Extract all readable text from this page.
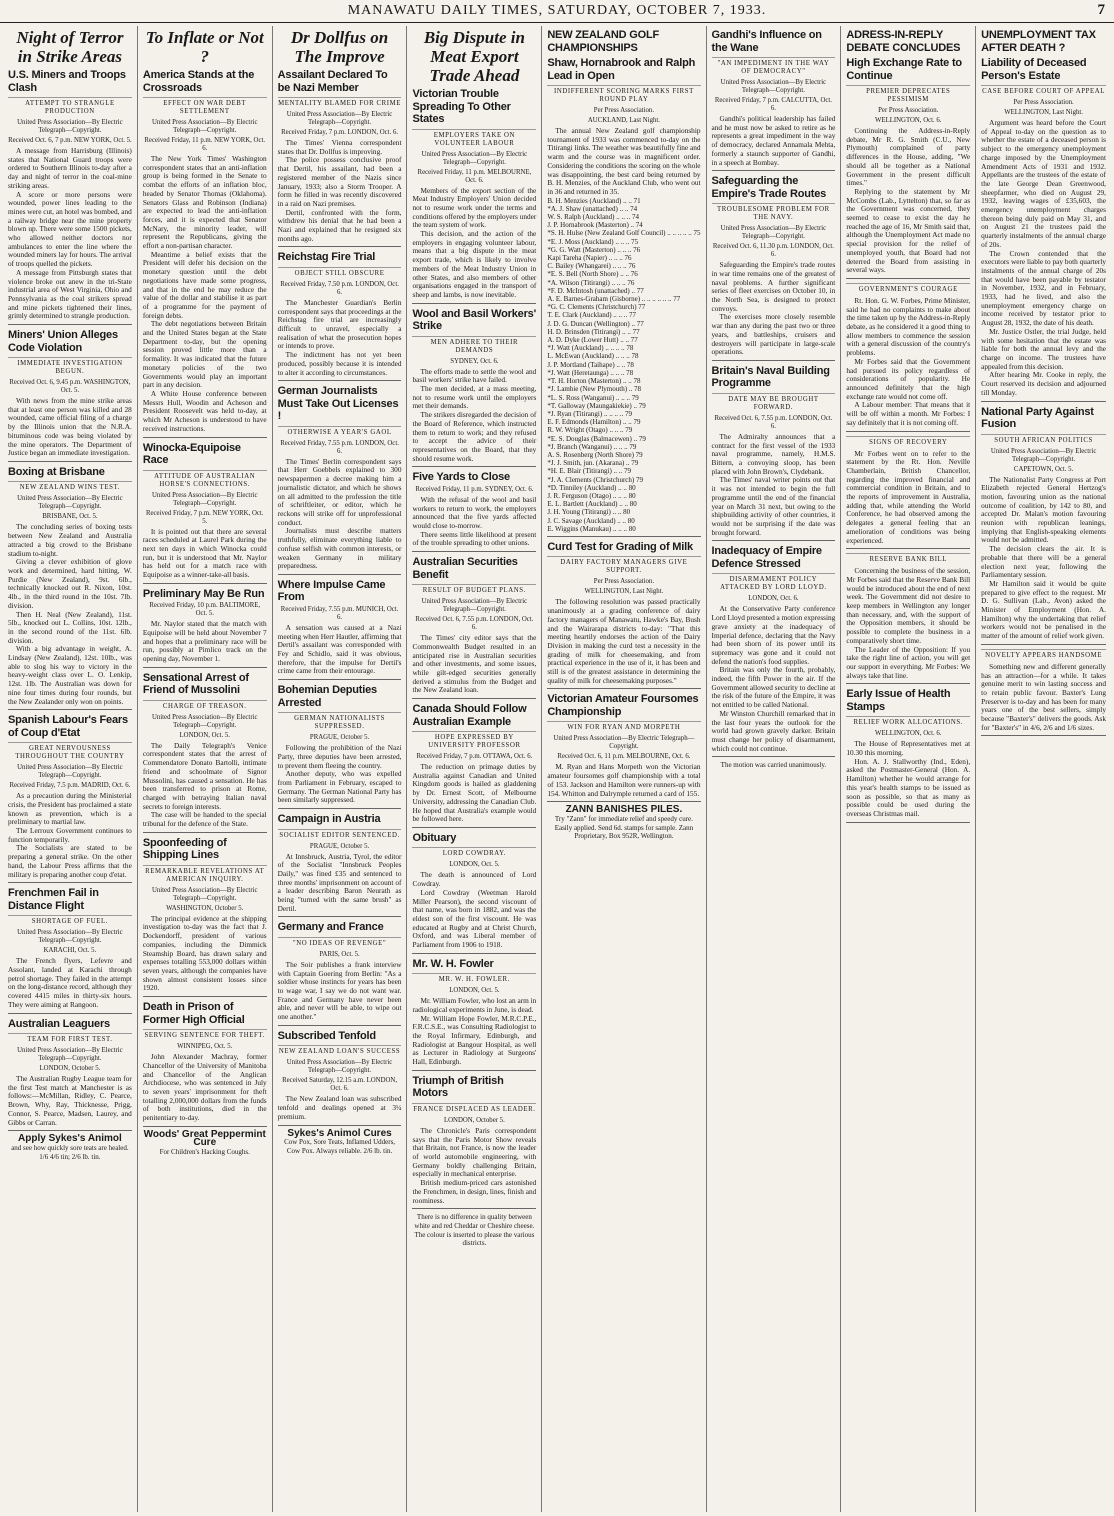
MANAWATU DAILY TIMES, SATURDAY, OCTOBER 7, 1933.	7
Night of Terror in Strike Areas
U.S. Miners and Troops Clash
ATTEMPT TO STRANGLE PRODUCTION
United Press Association—By Electric Telegraph—Copyright.
Received Oct. 6, 7 p.m. NEW YORK, Oct. 5.

A message from Harrisburg (Illinois) states that National Guard troops were ordered to Southern Illinois to-day after a day and night of terror in the coal-mine striking areas.

A score or more persons were wounded, power lines leading to the mines were cut, an hotel was bombed, and a railway bridge near the mine property blown up. There were some 1500 pickets, who allowed neither doctors nor ambulances to enter the line where the wounded miners lay for hours. The arrival of troops quelled the pickets.

A message from Pittsburgh states that violence broke out anew in the tri-State industrial area of West Virginia, Ohio and Pennsylvania as the coal strikers spread and mine pickets tightened their lines, grimly determined to strangle production.

Miners' Union Alleges Code Violation
IMMEDIATE INVESTIGATION BEGUN.
Received Oct. 6, 9.45 p.m. WASHINGTON, Oct. 5.

With news from the mine strike areas that at least one person was killed and 28 wounded, came official filing of a charge by the Illinois union that the N.R.A. bituminous code was being violated by the mine operators. The Department of Justice began an immediate investigation.

Boxing at Brisbane
NEW ZEALAND WINS TEST.
United Press Association—By Electric Telegraph—Copyright.
BRISBANE, Oct. 5.

The concluding series of boxing tests between New Zealand and Australia attracted a big crowd to the Brisbane stadium to-night.

Giving a clever exhibition of glove work and determined, hard hitting, W. Purdie (New Zealand), 9st. 6lb., technically knocked out R. Nixon, 10st. 4lb., in the third round in the 10st. 7lb. division.

Then H. Neal (New Zealand), 11st. 5lb., knocked out L. Collins, 10st. 12lb., in the second round of the 11st. 6lb. division.

With a big advantage in weight, A. Lindsay (New Zealand), 12st. 10lb., was able to slog his way to victory in the heavy-weight class over L. O. Lenkip, 12st. 1lb. The Australian was down for nine four times during four rounds, but the New Zealander only won on points.

Spanish Labour's Fears of Coup d'Etat
GREAT NERVOUSNESS THROUGHOUT THE COUNTRY
United Press Association—By Electric Telegraph—Copyright.
Received Friday, 7.5 p.m. MADRID, Oct. 6.

As a precaution during the Ministerial crisis, the President has proclaimed a state known as prevention, which is a preliminary to martial law.

The Lerroux Government continues to function temporarily.

The Socialists are stated to be preparing a general strike. On the other hand, the Labour Press affirms that the military is preparing another coup d'etat.

Frenchmen Fail in Distance Flight
SHORTAGE OF FUEL.
United Press Association—By Electric Telegraph—Copyright.
KARACHI, Oct. 5.

The French flyers, Lefevre and Assolant, landed at Karachi through petrol shortage. They failed in the attempt on the long-distance record, although they covered 4415 miles in thirty-six hours. They were aiming at Rangoon.

Australian Leaguers
TEAM FOR FIRST TEST.
United Press Association—By Electric Telegraph—Copyright.
LONDON, October 5.

The Australian Rugby League team for the first Test match at Manchester is as follows:—McMillan, Ridley, C. Pearce, Brown, Why, Ray, Thicknesse, Prigg, Connor, S. Pearce, Madsen, Laurey, and Gibbs or Carran.

Apply Sykes's Animol
and see how quickly sore teats are healed. 1/6 4/6 tin; 2/6 lb. tin.
To Inflate or Not ?
America Stands at the Crossroads
EFFECT ON WAR DEBT SETTLEMENT
United Press Association—By Electric Telegraph—Copyright.
Received Friday, 11 p.m. NEW YORK, Oct. 6.

The New York Times' Washington correspondent states that an anti-inflation group is being formed in the Senate to combat the efforts of an inflation bloc, headed by Senator Thomas (Oklahoma). Senators Glass and Robinson (Indiana) are expected to lead the anti-inflation forces, and it is expected that Senator McNary, the minority leader, will represent the Republicans, giving the effort a non-partisan character.

Meantime a belief exists that the President will defer his decision on the monetary question until the debt negotiations have made some progress, and that in the end he may reduce the value of the dollar and stabilise it as part of a programme for the payment of foreign debts.

The debt negotiations between Britain and the United States began at the State Department to-day, but the opening session proved little more than a formality. It was indicated that the future monetary policies of the two Governments would play an important part in any decision.

A White House conference between Messrs Hull, Woodin and Acheson and President Roosevelt was held to-day, at which Mr Acheson is understood to have received instructions.

Winocka-Equipoise Race
ATTITUDE OF AUSTRALIAN HORSE'S CONNECTIONS.
United Press Association—By Electric Telegraph—Copyright.
Received Friday, 7 p.m. NEW YORK, Oct. 5.

It is pointed out that there are several races scheduled at Laurel Park during the next ten days in which Winocka could run, but it is understood that Mr. Naylor has held out for a match race with Equipoise as a winner-take-all basis.

Preliminary May Be Run
Received Friday, 10 p.m. BALTIMORE, Oct. 5.

Mr. Naylor stated that the match with Equipoise will be held about November 7 and hopes that a preliminary race will be run, possibly at Pimlico track on the opening day, November 1.

Sensational Arrest of Friend of Mussolini
CHARGE OF TREASON.
United Press Association—By Electric Telegraph—Copyright.
LONDON, Oct. 5.

The Daily Telegraph's Venice correspondent states that the arrest of Commendatore Donato Bartolli, intimate friend and schoolmate of Signor Mussolini, has caused a sensation. He has been transferred to prison at Rome, charged with betraying Italian naval secrets to foreign interests.

The case will be handed to the special tribunal for the defence of the State.

Spoonfeeding of Shipping Lines
REMARKABLE REVELATIONS AT AMERICAN INQUIRY.
United Press Association—By Electric Telegraph—Copyright.
WASHINGTON, October 5.

The principal evidence at the shipping investigation to-day was the fact that J. Dockendorff, president of various companies, including the Dimmick Steamship Board, has drawn salary and expenses totalling 553,000 dollars within seven years, although the companies have shown almost consistent losses since 1920.

Death in Prison of Former High Official
SERVING SENTENCE FOR THEFT.
WINNIPEG, Oct. 5.

John Alexander Machray, former Chancellor of the University of Manitoba and Chancellor of the Anglican Archdiocese, who was sentenced in July to seven years' imprisonment for theft totalling 2,000,000 dollars from the funds of both institutions, died in the penitentiary to-day.

Woods' Great Peppermint Cure
For Children's Hacking Coughs.
Dr Dollfus on The Improve
Assailant Declared To be Nazi Member
MENTALITY BLAMED FOR CRIME
United Press Association—By Electric Telegraph—Copyright.
Received Friday, 7 p.m. LONDON, Oct. 6.

The Times' Vienna correspondent states that Dr. Dollfus is improving.

The police possess conclusive proof that Dertil, his assailant, had been a registered member of the Nazis since January, 1933; also a Storm Trooper. A form he filled in was recently discovered in a raid on Nazi premises.

Dertil, confronted with the form, withdrew his denial that he had been a Nazi and explained that he resigned six months ago.

Reichstag Fire Trial
OBJECT STILL OBSCURE
Received Friday, 7.50 p.m. LONDON, Oct. 6.

The Manchester Guardian's Berlin correspondent says that proceedings at the Reichstag fire trial are increasingly difficult to unravel, especially a realisation of what the prosecution hopes or intends to prove.

The indictment has not yet been produced, possibly because it is intended to alter it according to circumstances.

German Journalists Must Take Out Licenses !
OTHERWISE A YEAR'S GAOL
Received Friday, 7.55 p.m. LONDON, Oct. 6.

The Times' Berlin correspondent says that Herr Goebbels explained to 300 newspapermen a decree making him a journalistic dictator, and which he shows on all admitted to the profession the title of schriftleiter, or editor, which he reckons will strike off for unprofessional conduct.

Journalists must describe matters truthfully, eliminate everything liable to confuse selfish with common interests, or weaken Germany in military preparedness.

Where Impulse Came From
Received Friday, 7.55 p.m. MUNICH, Oct. 6.

A sensation was caused at a Nazi meeting when Herr Hautler, affirming that Dertil's assailant was corresponded with Fey and Schidlo, said it was obvious, therefore, that the impulse for Dertil's crime came from their entourage.

Bohemian Deputies Arrested
GERMAN NATIONALISTS SUPPRESSED.
PRAGUE, October 5.

Following the prohibition of the Nazi Party, three deputies have been arrested, to prevent them fleeing the country.

Another deputy, who was expelled from Parliament in February, escaped to Germany. The German National Party has been similarly suppressed.

Campaign in Austria
SOCIALIST EDITOR SENTENCED.
PRAGUE, October 5.

At Innsbruck, Austria, Tyrol, the editor of the Socialist "Innsbruck Peoples Daily," was fined £35 and sentenced to three months' imprisonment on account of a leader describing Baron Neurath as being "turned with the same brush" as Dertil.

Germany and France
"NO IDEAS OF REVENGE"
PARIS, Oct. 5.

The Soir publishes a frank interview with Captain Goering from Berlin: "As a soldier whose instincts for years has been to wage war, I say we do not want war. France and Germany have never been able, and never will be able, to wipe out one another."

Subscribed Tenfold
NEW ZEALAND LOAN'S SUCCESS
United Press Association—By Electric Telegraph—Copyright.
Received Saturday, 12.15 a.m. LONDON, Oct. 6.

The New Zealand loan was subscribed tenfold and dealings opened at 3¼ premium.

Sykes's Animol Cures
Cow Pox, Sore Teats, Inflamed Udders, Cow Pox. Always reliable. 2/6 lb. tin.
Big Dispute in Meat Export Trade Ahead
Victorian Trouble Spreading To Other States
EMPLOYERS TAKE ON VOLUNTEER LABOUR
United Press Association—By Electric Telegraph—Copyright.
Received Friday, 11 p.m. MELBOURNE, Oct. 6.

Members of the export section of the Meat Industry Employers' Union decided not to resume work under the terms and conditions offered by the employers under the team system of work.

This decision, and the action of the employers in engaging volunteer labour, means that a big dispute in the meat export trade, which is likely to involve members of the Meat Industry Union in other States, and also members of other organisations engaged in the transport of sheep and lambs, is now inevitable.

Wool and Basil Workers' Strike
MEN ADHERE TO THEIR DEMANDS
SYDNEY, Oct. 6.

The efforts made to settle the wool and basil workers' strike have failed.

The men decided, at a mass meeting, not to resume work until the employers met their demands.

The strikers disregarded the decision of the Board of Reference, which instructed them to return to work; and they refused to accept the advice of their representatives on the Board, that they should resume work.

Five Yards to Close
Received Friday, 11 p.m. SYDNEY, Oct. 6.

With the refusal of the wool and basil workers to return to work, the employers announced that the five yards affected would close to-morrow.

There seems little likelihood at present of the trouble spreading to other unions.

Australian Securities Benefit
RESULT OF BUDGET PLANS.
United Press Association—By Electric Telegraph—Copyright.
Received Oct. 6, 7.55 p.m. LONDON, Oct. 6.

The Times' city editor says that the Commonwealth Budget resulted in an anticipated rise in Australian securities and other investments, and some issues, while gilt-edged securities generally derived a stimulus from the Budget and the New Zealand loan.

Canada Should Follow Australian Example
HOPE EXPRESSED BY UNIVERSITY PROFESSOR
Received Friday, 7 p.m. OTTAWA, Oct. 6.

The reduction on primage duties by Australia against Canadian and United Kingdom goods is hailed as gladdening by Dr. Ernest Scott, of Melbourne University, addressing the Canadian Club. He hoped that Australia's example would be followed here.

Obituary
LORD COWDRAY.
LONDON, Oct. 5.

The death is announced of Lord Cowdray.

Lord Cowdray (Weetman Harold Miller Pearson), the second viscount of that name, was born in 1882, and was the eldest son of the first viscount. He was educated at Rugby and at Christ Church, Oxford, and was Liberal member of Parliament from 1906 to 1918.

Mr. W. H. Fowler
MR. W. H. FOWLER.
LONDON, Oct. 5.

Mr. William Fowler, who lost an arm in radiological experiments in June, is dead.

Mr. William Hope Fowler, M.R.C.P.E., F.R.C.S.E., was Consulting Radiologist to the Royal Infirmary, Edinburgh, and Radiologist at Bangour Hospital, as well as Lecturer in Radiology at Surgeons' Hall, Edinburgh.

Triumph of British Motors
FRANCE DISPLACED AS LEADER.
LONDON, October 5.

The Chronicle's Paris correspondent says that the Paris Motor Show reveals that Britain, not France, is now the leader of world automobile engineering, with Germany boldly challenging Britain, especially in mechanical enterprise.

British medium-priced cars astonished the Frenchmen, in design, lines, finish and roominess.

There is no difference in quality between white and red Cheddar or Cheshire cheese. The colour is inserted to please the various districts.
NEW ZEALAND GOLF CHAMPIONSHIPS
Shaw, Hornabrook and Ralph Lead in Open
INDIFFERENT SCORING MARKS FIRST ROUND PLAY
Per Press Association.
AUCKLAND, Last Night.

The annual New Zealand golf championship tournament of 1933 was commenced to-day on the Titirangi links. The weather was beautifully fine and warm and the course was in magnificent order. Considering the conditions the scoring on the whole was disappointing, the best card being returned by B. H. Menzies, of the Auckland Club, who went out in 36 and returned in 35.

B. H. Menzies (Auckland) .. .. 71
*A. J. Shaw (unattached) .. .. 74
W. S. Ralph (Auckland) .. .. .. 74
J. P. Hornabrook (Masterton) .. 74
*S. H. Hulse (New Zealand Golf Council) .. .. .. .. .. 75
*E. J. Moss (Auckland) .. .. .. 75
*G. G. Watt (Masterton) .. .. .. 76
Kapi Tareha (Napier) .. .. .. 76
C. Bailey (Whangarei) .. .. .. 76
*E. S. Bell (North Shore) .. .. 76
*A. Wilson (Titirangi) .. .. .. 76
*F. D. McIntosh (unattached) .. 77
A. E. Barnes-Graham (Gisborne) .. .. .. .. .. .. 77
*G. C. Clements (Christchurch) 77
T. E. Clark (Auckland) .. .. .. 77
J. D. G. Duncan (Wellington) .. 77
H. D. Brinsden (Titirangi) .. .. 77
A. D. Dyke (Lower Hutt) .. .. 77
*J. Watt (Auckland) .. .. .. .. 78
L. McEwan (Auckland) .. .. .. 78
J. P. Mortland (Taihape) .. .. 78
*J. Watt (Heretaunga) .. .. .. 78
*T. H. Horton (Masterton) .. .. 78
*J. Lambie (New Plymouth) .. 78
*L. S. Ross (Wanganui) .. .. .. 79
*T. Galloway (Maungakiekie) .. 79
*J. Ryan (Titirangi) .. .. .. .. 79
E. F. Edmonds (Hamilton) .. .. 79
R. W. Wright (Otago) .. .. .. 79
*E. S. Douglas (Balmacewen) .. 79
*J. Branch (Wanganui) .. .. .. 79
A. S. Rosenberg (North Shore) 79
*J. J. Smith, jun. (Akarana) .. 79
*H. E. Blair (Titirangi) .. .. 79
*J. A. Clements (Christchurch) 79
*D. Tinniley (Auckland) .. .. 80
J. R. Ferguson (Otago) .. .. .. 80
E. L. Bartlett (Auckland) .. .. 80
J. H. Young (Titirangi) .. .. 80
J. C. Savage (Auckland) .. .. 80
E. Wiggins (Manukau) .. .. .. 80
Curd Test for Grading of Milk
DAIRY FACTORY MANAGERS GIVE SUPPORT.
Per Press Association.
WELLINGTON, Last Night.

The following resolution was passed practically unanimously at a grading conference of dairy factory managers of Manawatu, Hawke's Bay, Bush and the Wairarapa districts to-day: "That this meeting heartily endorses the action of the Dairy Division in making the curd test a necessity in the grading of milk for cheesemaking, and from practical experience in the use of it, it has been and still is of the greatest assistance in determining the quality of milk for cheesemaking purposes."

Victorian Amateur Foursomes Championship
WIN FOR RYAN AND MORPETH
United Press Association—By Electric Telegraph—Copyright.
Received Oct. 6, 11 p.m. MELBOURNE, Oct. 6.

M. Ryan and Hans Morpeth won the Victorian amateur foursomes golf championship with a total of 153. Jackson and Hamilton were runners-up with 154. Whitton and Dalrymple returned a card of 155.

ZANN BANISHES PILES.
Try "Zann" for immediate relief and speedy cure. Easily applied. Send 6d. stamps for sample. Zann Proprietary, Box 952R, Wellington.
Gandhi's Influence on the Wane
"AN IMPEDIMENT IN THE WAY OF DEMOCRACY"
United Press Association—By Electric Telegraph—Copyright.
Received Friday, 7 p.m. CALCUTTA, Oct. 6.

Gandhi's political leadership has failed and he must now be asked to retire as he represents a great impediment in the way of democracy, declared Annamala Mehta, formerly a staunch supporter of Gandhi, in a speech at Bombay.

Safeguarding the Empire's Trade Routes
TROUBLESOME PROBLEM FOR THE NAVY.
United Press Association—By Electric Telegraph—Copyright.
Received Oct. 6, 11.30 p.m. LONDON, Oct. 6.

Safeguarding the Empire's trade routes in war time remains one of the greatest of naval problems. A further significant series of fleet exercises on October 10, in the North Sea, is designed to protect convoys.

The exercises more closely resemble war than any during the past two or three years, and battleships, cruisers and destroyers will participate in large-scale operations.

Britain's Naval Building Programme
DATE MAY BE BROUGHT FORWARD.
Received Oct. 6, 7.55 p.m. LONDON, Oct. 6.

The Admiralty announces that a contract for the first vessel of the 1933 naval programme, namely, H.M.S. Bittern, a convoying sloop, has been placed with John Brown's, Clydebank.

The Times' naval writer points out that it was not intended to begin the full programme until the end of the financial year on March 31 next, but owing to the shipbuilding activity of other countries, it would not be surprising if the date was brought forward.

Inadequacy of Empire Defence Stressed
DISARMAMENT POLICY ATTACKED BY LORD LLOYD.
LONDON, Oct. 6.

At the Conservative Party conference Lord Lloyd presented a motion expressing grave anxiety at the inadequacy of Imperial defence, declaring that the Navy had been shorn of its power until its supremacy was gone and it could not defend the nation's food supplies.

Britain was only the fourth, probably, indeed, the fifth Power in the air. If the Government allowed security to decline at the risk of the future of the Empire, it was not entitled to be called National.

Mr Winston Churchill remarked that in the last four years the outlook for the world had grown gravely darker. Britain must change her policy of disarmament, which could not continue.

The motion was carried unanimously.
ADRESS-IN-REPLY DEBATE CONCLUDES
High Exchange Rate to Continue
PREMIER DEPRECATES PESSIMISM
Per Press Association.
WELLINGTON, Oct. 6.

Continuing the Address-in-Reply debate, Mr R. G. Smith (C.U., New Plymouth) complained of party differences in the House, adding, "We should all be together as a National Government in the present difficult times."

Replying to the statement by Mr McCombs (Lab., Lyttelton) that, so far as the Government was concerned, they seemed to cease to exist the day he reached the age of 16, Mr Smith said that, although the Unemployment Act made no special provision for the relief of unemployed youth, that Board had not deterred the Board from assisting in several ways.

GOVERNMENT'S COURAGE

Rt. Hon. G. W. Forbes, Prime Minister, said he had no complaints to make about the time taken up by the Address-in-Reply debate, as he considered it a good thing to allow members to commence the session with a general discussion of the country's problems.

Mr Forbes said that the Government had pursued its policy regardless of considerations of popularity. He announced definitely that the high exchange rate would not come off.

A Labour member: That means that it will be off within a month. Mr Forbes: I say definitely that it is not coming off.

SIGNS OF RECOVERY

Mr Forbes went on to refer to the statement by the Rt. Hon. Neville Chamberlain, British Chancellor, regarding the improved financial and commercial condition in Britain, and to the reports of improvement in Australia, adding that, while attending the World Conference, he had observed among the delegates a general feeling that an amelioration of conditions was being experienced.

RESERVE BANK BILL

Concerning the business of the session, Mr Forbes said that the Reserve Bank Bill would be introduced about the end of next week. The Government did not desire to keep members in Wellington any longer than necessary, and, with the support of the Opposition members, it should be possible to complete the business in a comparatively short time.

The Leader of the Opposition: If you take the right line of action, you will get our support in everything. Mr Forbes: We always take that line.

Early Issue of Health Stamps
RELIEF WORK ALLOCATIONS.
WELLINGTON, Oct. 6.

The House of Representatives met at 10.30 this morning.

Hon. A. J. Stallworthy (Ind., Eden), asked the Postmaster-General (Hon. A. Hamilton) whether he would arrange for this year's health stamps to be issued as soon as possible, so that as many as possible could be used during the overseas Christmas mail.

UNEMPLOYMENT TAX AFTER DEATH ?
Liability of Deceased Person's Estate
CASE BEFORE COURT OF APPEAL
Per Press Association.
WELLINGTON, Last Night.

Argument was heard before the Court of Appeal to-day on the question as to whether the estate of a deceased person is subject to the emergency unemployment charge imposed by the Unemployment Amendment Acts of 1931 and 1932. Appellants are the trustees of the estate of the late George Dean Greenwood, sheepfarmer, who died on August 29, 1932, leaving wages of £35,603, the emergency unemployment charges thereon being duly paid on May 31, and on August 21 the trustees paid the quarterly instalments of the annual charge of 20s.

The Crown contended that the executors were liable to pay both quarterly instalments of the annual charge of 20s that would have been payable by testator in November, 1932, and in February, 1933, had he lived, and also the unemployment emergency charge on income received by testator prior to August 28, 1932, the date of his death.

Mr. Justice Ostler, the trial Judge, held with some hesitation that the estate was liable for both the annual levy and the charge on income. The trustees have appealed from this decision.

After hearing Mr. Cooke in reply, the Court reserved its decision and adjourned till Monday.

National Party Against Fusion
SOUTH AFRICAN POLITICS
United Press Association—By Electric Telegraph—Copyright.
CAPETOWN, Oct. 5.

The Nationalist Party Congress at Port Elizabeth rejected General Hertzog's motion, favouring union as the national outcome of coalition, by 142 to 80, and accepted Dr. Malan's motion favouring reunion with republican leanings, implying that English-speaking elements would not be admitted.

The decision clears the air. It is probable that there will be a general election next year, following the Parliamentary session.

Mr Hamilton said it would be quite prepared to give effect to the request. Mr D. G. Sullivan (Lab., Avon) asked the Minister of Employment (Hon. A. Hamilton) why the undertaking that relief workers would not be penalised in the matter of the amount of relief work given.

NOVELTY APPEARS HANDSOME

Something new and different generally has an attraction—for a while. It takes genuine merit to win lasting success and to retain public favour. Baxter's Lung Preserver is to-day and has been for many years one of the best sellers, simply because "Baxter's" delivers the goods. Ask for "Baxter's" in 4/6, 2/6 and 1/6 sizes.
